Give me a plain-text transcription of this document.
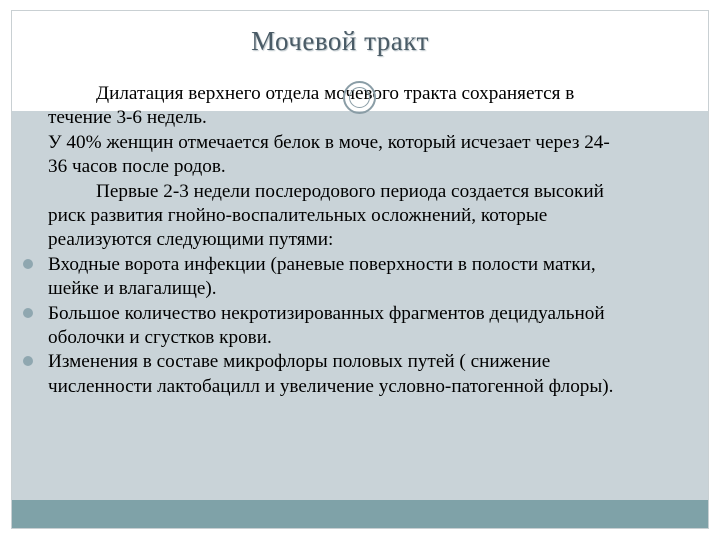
Мочевой тракт

Дилатация верхнего отдела мочевого тракта сохраняется в течение 3-6 недель.

У 40% женщин отмечается белок в моче, который исчезает через 24-36 часов после родов.

Первые 2-3 недели послеродового периода создается высокий риск развития гнойно-воспалительных осложнений, которые реализуются следующими путями:

Входные ворота инфекции (раневые поверхности в полости матки, шейке и влагалище).
Большое количество некротизированных фрагментов децидуальной оболочки и сгустков крови.
Изменения в составе микрофлоры половых путей ( снижение численности лактобацилл и увеличение условно-патогенной флоры).
